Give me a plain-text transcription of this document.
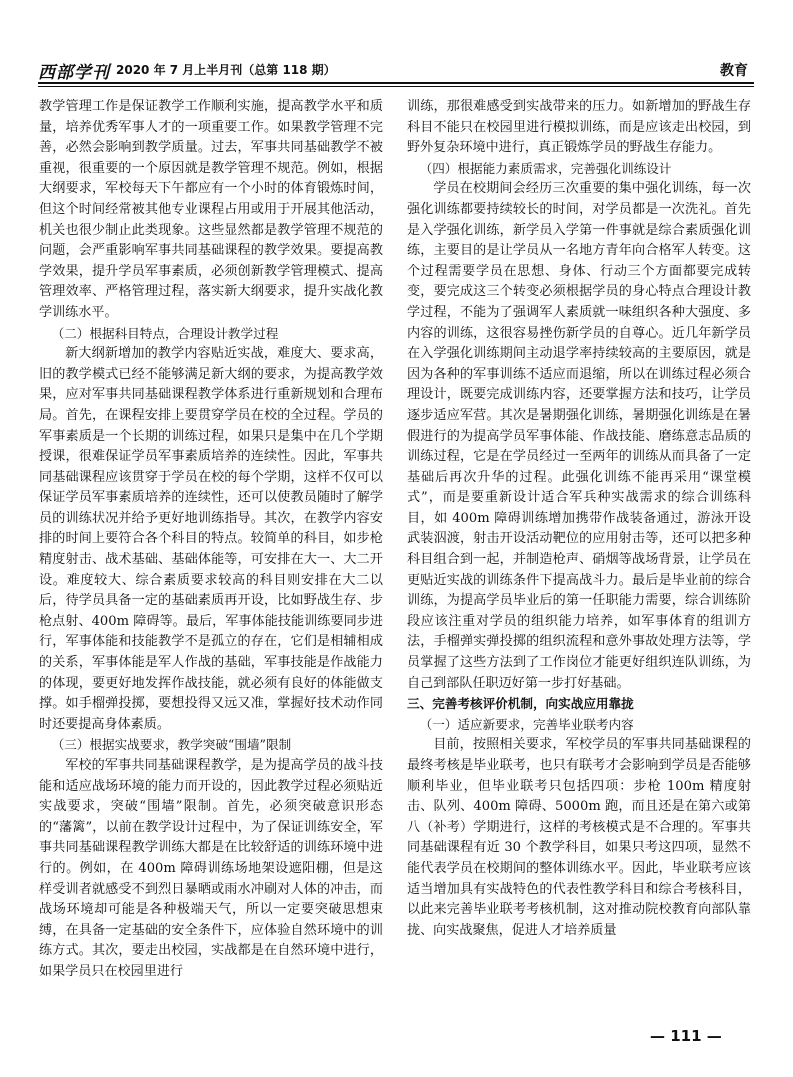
西部学刊 2020 年 7 月上半月刊（总第 118 期）	教育

教学管理工作是保证教学工作顺利实施，提高教学水平和质量，培养优秀军事人才的一项重要工作。如果教学管理不完善，必然会影响到教学质量。过去，军事共同基础教学不被重视，很重要的一个原因就是教学管理不规范。例如，根据大纲要求，军校每天下午都应有一个小时的体育锻炼时间，但这个时间经常被其他专业课程占用或用于开展其他活动，机关也很少制止此类现象。这些显然都是教学管理不规范的问题，会严重影响军事共同基础课程的教学效果。要提高教学效果，提升学员军事素质，必须创新教学管理模式、提高管理效率、严格管理过程，落实新大纲要求，提升实战化教学训练水平。

（二）根据科目特点，合理设计教学过程

新大纲新增加的教学内容贴近实战，难度大、要求高，旧的教学模式已经不能够满足新大纲的要求，为提高教学效果，应对军事共同基础课程教学体系进行重新规划和合理布局。首先，在课程安排上要贯穿学员在校的全过程。学员的军事素质是一个长期的训练过程，如果只是集中在几个学期授课，很难保证学员军事素质培养的连续性。因此，军事共同基础课程应该贯穿于学员在校的每个学期，这样不仅可以保证学员军事素质培养的连续性，还可以使教员随时了解学员的训练状况并给予更好地训练指导。其次，在教学内容安排的时间上要符合各个科目的特点。较简单的科目，如步枪精度射击、战术基础、基础体能等，可安排在大一、大二开设。难度较大、综合素质要求较高的科目则安排在大二以后，待学员具备一定的基础素质再开设，比如野战生存、步枪点射、400m 障碍等。最后，军事体能技能训练要同步进行，军事体能和技能教学不是孤立的存在，它们是相辅相成的关系，军事体能是军人作战的基础，军事技能是作战能力的体现，要更好地发挥作战技能，就必须有良好的体能做支撑。如手榴弹投掷，要想投得又远又准，掌握好技术动作同时还要提高身体素质。

（三）根据实战要求，教学突破“围墙”限制

军校的军事共同基础课程教学，是为提高学员的战斗技能和适应战场环境的能力而开设的，因此教学过程必须贴近实战要求，突破“围墙”限制。首先，必须突破意识形态的“藩篱”，以前在教学设计过程中，为了保证训练安全，军事共同基础课程教学训练大都是在比较舒适的训练环境中进行的。例如，在 400m 障碍训练场地架设遮阳棚，但是这样受训者就感受不到烈日暴晒或雨水冲刷对人体的冲击，而战场环境却可能是各种极端天气，所以一定要突破思想束缚，在具备一定基础的安全条件下，应体验自然环境中的训练方式。其次，要走出校园，实战都是在自然环境中进行，如果学员只在校园里进行

训练，那很难感受到实战带来的压力。如新增加的野战生存科目不能只在校园里进行模拟训练，而是应该走出校园，到野外复杂环境中进行，真正锻炼学员的野战生存能力。

（四）根据能力素质需求，完善强化训练设计

学员在校期间会经历三次重要的集中强化训练，每一次强化训练都要持续较长的时间，对学员都是一次洗礼。首先是入学强化训练，新学员入学第一件事就是综合素质强化训练，主要目的是让学员从一名地方青年向合格军人转变。这个过程需要学员在思想、身体、行动三个方面都要完成转变，要完成这三个转变必须根据学员的身心特点合理设计教学过程，不能为了强调军人素质就一味组织各种大强度、多内容的训练，这很容易挫伤新学员的自尊心。近几年新学员在入学强化训练期间主动退学率持续较高的主要原因，就是因为各种的军事训练不适应而退缩，所以在训练过程必须合理设计，既要完成训练内容，还要掌握方法和技巧，让学员逐步适应军营。其次是暑期强化训练，暑期强化训练是在暑假进行的为提高学员军事体能、作战技能、磨练意志品质的训练过程，它是在学员经过一至两年的训练从而具备了一定基础后再次升华的过程。此强化训练不能再采用“课堂模式”，而是要重新设计适合军兵种实战需求的综合训练科目，如 400m 障碍训练增加携带作战装备通过，游泳开设武装泅渡，射击开设活动靶位的应用射击等，还可以把多种科目组合到一起，并制造枪声、硝烟等战场背景，让学员在更贴近实战的训练条件下提高战斗力。最后是毕业前的综合训练，为提高学员毕业后的第一任职能力需要，综合训练阶段应该注重对学员的组织能力培养，如军事体育的组训方法，手榴弹实弹投掷的组织流程和意外事故处理方法等，学员掌握了这些方法到了工作岗位才能更好组织连队训练，为自己到部队任职迈好第一步打好基础。

三、完善考核评价机制，向实战应用靠拢

（一）适应新要求，完善毕业联考内容

目前，按照相关要求，军校学员的军事共同基础课程的最终考核是毕业联考，也只有联考才会影响到学员是否能够顺利毕业，但毕业联考只包括四项：步枪 100m 精度射击、队列、400m 障碍、5000m 跑，而且还是在第六或第八（补考）学期进行，这样的考核模式是不合理的。军事共同基础课程有近 30 个教学科目，如果只考这四项，显然不能代表学员在校期间的整体训练水平。因此，毕业联考应该适当增加具有实战特色的代表性教学科目和综合考核科目，以此来完善毕业联考考核机制，这对推动院校教育向部队靠拢、向实战聚焦，促进人才培养质量

— 111 —
